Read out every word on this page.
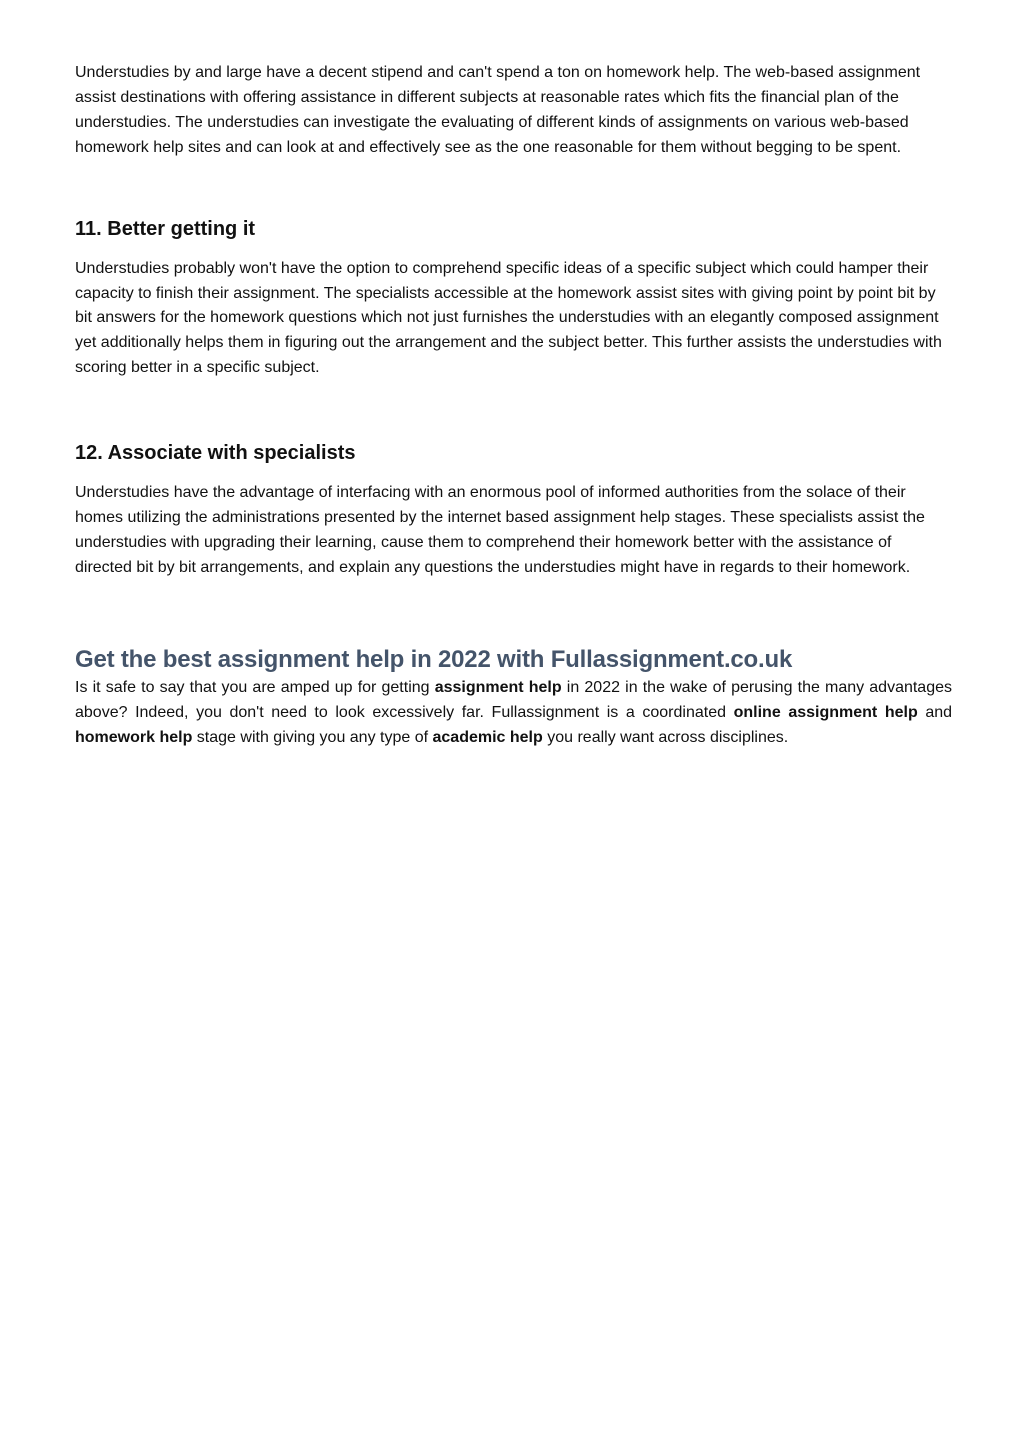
Understudies by and large have a decent stipend and can't spend a ton on homework help. The web-based assignment assist destinations with offering assistance in different subjects at reasonable rates which fits the financial plan of the understudies. The understudies can investigate the evaluating of different kinds of assignments on various web-based homework help sites and can look at and effectively see as the one reasonable for them without begging to be spent.

11. Better getting it

Understudies probably won't have the option to comprehend specific ideas of a specific subject which could hamper their capacity to finish their assignment. The specialists accessible at the homework assist sites with giving point by point bit by bit answers for the homework questions which not just furnishes the understudies with an elegantly composed assignment yet additionally helps them in figuring out the arrangement and the subject better. This further assists the understudies with scoring better in a specific subject.

12. Associate with specialists

Understudies have the advantage of interfacing with an enormous pool of informed authorities from the solace of their homes utilizing the administrations presented by the internet based assignment help stages. These specialists assist the understudies with upgrading their learning, cause them to comprehend their homework better with the assistance of directed bit by bit arrangements, and explain any questions the understudies might have in regards to their homework.

Get the best assignment help in 2022 with Fullassignment.co.uk

Is it safe to say that you are amped up for getting assignment help in 2022 in the wake of perusing the many advantages above? Indeed, you don't need to look excessively far. Fullassignment is a coordinated online assignment help and  homework help stage with giving you any type of academic help you really want across disciplines.
